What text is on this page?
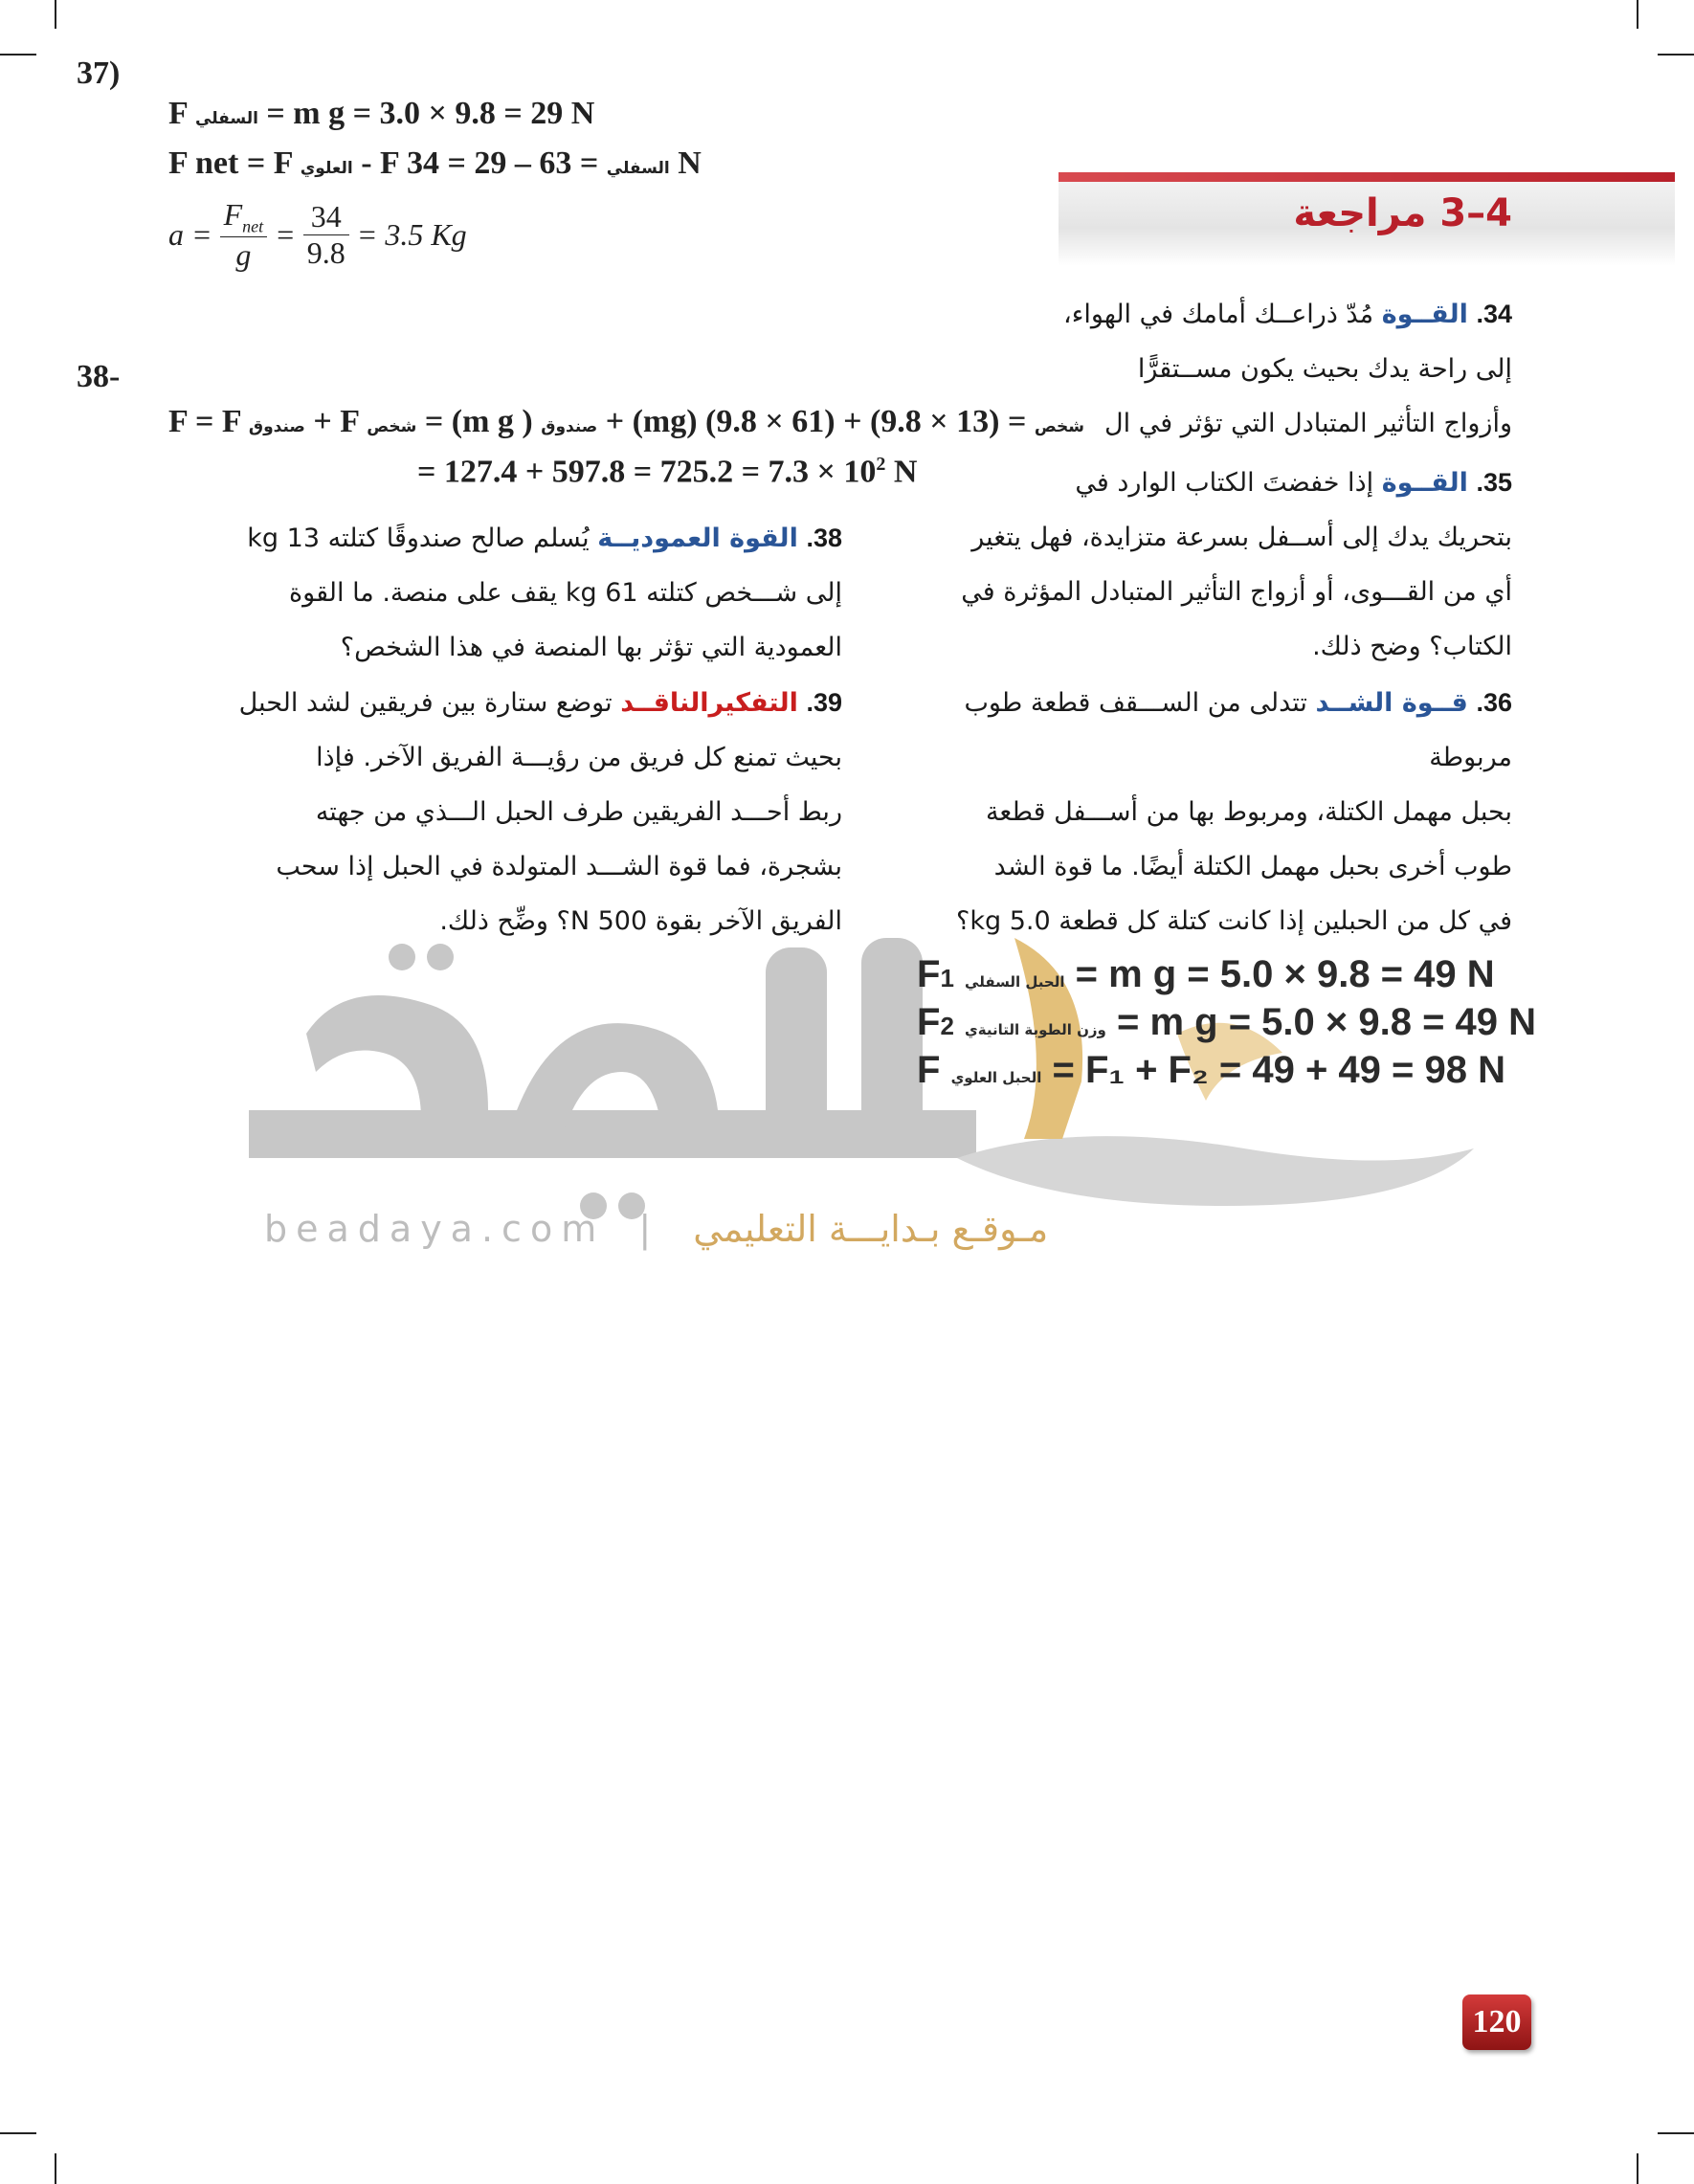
beadaya.com | مـوقـع بـدايـــة التعليمي
37)
F السفلي = m g = 3.0 × 9.8 = 29 N
F net = F العلوي - F	السفلي = 63 – 29 = 34 N
$a = \frac{F_{net}}{g} = \frac{34}{9.8} = 3.5$ Kg
38-
F = F صندوق + F شخص = (m g ) صندوق + (mg)	شخص = (13 × 9.8) + (61 × 9.8)
= $127.4 + 597.8 = 725.2 = 7.3 \times 10^2$ N
4–3 مراجعة
34. القــوة مُدّ ذراعــك أمامك في الهواء،
إلى راحة يدك بحيث يكون مســتقرًّا
وأزواج التأثير المتبادل التي تؤثر في ال
35. القــوة إذا خفضتَ الكتاب الوارد في
بتحريك يدك إلى أســفل بسرعة متزايدة، فهل يتغير
أي من القـــوى، أو أزواج التأثير المتبادل المؤثرة في
الكتاب؟ وضح ذلك.
36. قــوة الشــد تتدلى من الســـقف قطعة طوب مربوطة
بحبل مهمل الكتلة، ومربوط بها من أســـفل قطعة
طوب أخرى بحبل مهمل الكتلة أيضًا. ما قوة الشد
في كل من الحبلين إذا كانت كتلة كل قطعة 5.0 kg؟
38. القوة العموديــة يُسلم صالح صندوقًا كتلته 13 kg
إلى شـــخص كتلته 61 kg يقف على منصة. ما القوة
العمودية التي تؤثر بها المنصة في هذا الشخص؟
39. التفكيرالناقــد توضع ستارة بين فريقين لشد الحبل
بحيث تمنع كل فريق من رؤيـــة الفريق الآخر. فإذا
ربط أحـــد الفريقين طرف الحبل الـــذي من جهته
بشجرة، فما قوة الشـــد المتولدة في الحبل إذا سحب
الفريق الآخر بقوة 500 N؟ وضِّح ذلك.
F1 الحبل السفلي = m g = 5.0 × 9.8 = 49 N
F2 وزن الطوبة التانيةي = m g = 5.0 × 9.8 = 49 N
F الحبل العلوي = F₁ + F₂ = 49 + 49 = 98 N
120
